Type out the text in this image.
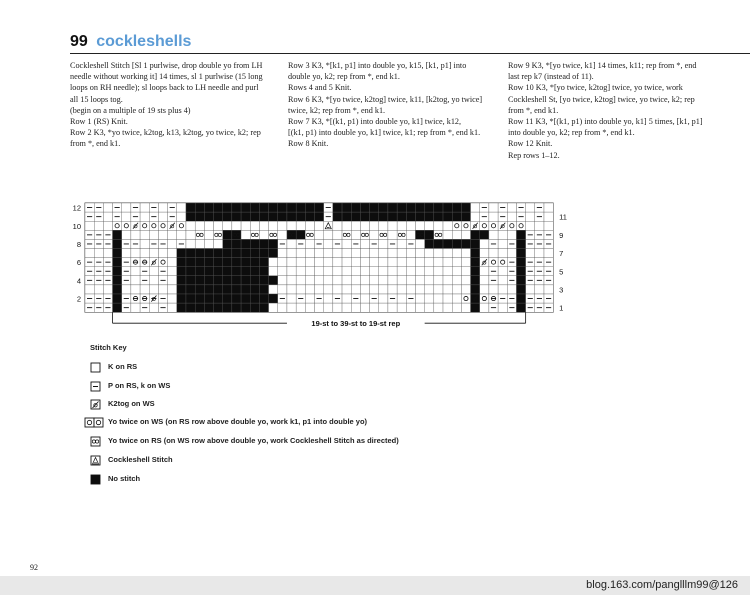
99 cockleshells
Cockleshell Stitch [Sl 1 purlwise, drop double yo from LH
needle without working it] 14 times, sl 1 purlwise (15 long
loops on RH needle); sl loops back to LH needle and purl
all 15 loops tog.
(begin on a multiple of 19 sts plus 4)
Row 1 (RS) Knit.
Row 2 K3, *yo twice, k2tog, k13, k2tog, yo twice, k2; rep
from *, end k1.
Row 3 K3, *[k1, p1] into double yo, k15, [k1, p1] into
double yo, k2; rep from *, end k1.
Rows 4 and 5 Knit.
Row 6 K3, *[yo twice, k2tog] twice, k11, [k2tog, yo twice]
twice, k2; rep from *, end k1.
Row 7 K3, *[(k1, p1) into double yo, k1] twice, k12,
[(k1, p1) into double yo, k1] twice, k1; rep from *, end k1.
Row 8 Knit.
Row 9 K3, *[yo twice, k1] 14 times, k11; rep from *, end
last rep k7 (instead of 11).
Row 10 K3, *[yo twice, k2tog] twice, yo twice, work
Cockleshell St, [yo twice, k2tog] twice, yo twice, k2; rep
from *, end k1.
Row 11 K3, *[(k1, p1) into double yo, k1] 5 times, [k1, p1]
into double yo, k2; rep from *, end k1.
Row 12 Knit.
Rep rows 1–12.
12
10
8
6
4
2
11
9
7
5
3
1
19-st to 39-st to 19-st rep
Stitch Key
K on RS
P on RS, k on WS
K2tog on WS
Yo twice on WS (on RS row above double yo, work k1, p1 into double yo)
Yo twice on RS (on WS row above double yo, work Cockleshell Stitch as directed)
Cockleshell Stitch
No stitch
92
blog.163.com/panglllm99@126
